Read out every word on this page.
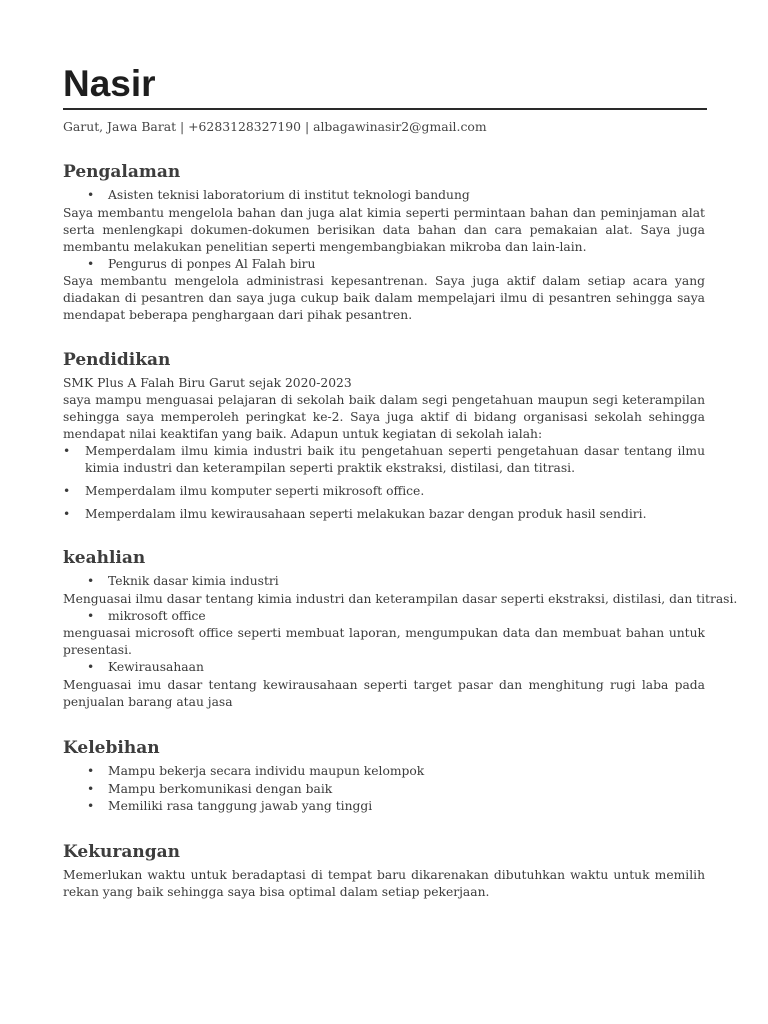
Nasir
Garut, Jawa Barat | +6283128327190 | albagawinasir2@gmail.com
Pengalaman
• Asisten teknisi laboratorium di institut teknologi bandung

Saya membantu mengelola bahan dan juga alat kimia seperti permintaan bahan dan peminjaman alat serta menlengkapi dokumen-dokumen berisikan data bahan dan cara pemakaian alat. Saya juga membantu melakukan penelitian seperti mengembangbiakan mikroba dan lain-lain.

• Pengurus di ponpes Al Falah biru

Saya membantu mengelola administrasi kepesantrenan. Saya juga aktif dalam setiap acara yang diadakan di pesantren dan saya juga cukup baik dalam mempelajari ilmu di pesantren sehingga saya mendapat beberapa penghargaan dari pihak pesantren.

Pendidikan

SMK Plus A Falah Biru Garut sejak 2020-2023

saya mampu menguasai pelajaran di sekolah baik dalam segi pengetahuan maupun segi keterampilan sehingga saya memperoleh peringkat ke-2. Saya juga aktif di bidang organisasi sekolah sehingga mendapat nilai keaktifan yang baik. Adapun untuk kegiatan di sekolah ialah:

• Memperdalam ilmu kimia industri baik itu pengetahuan seperti pengetahuan dasar tentang ilmu kimia industri dan keterampilan seperti praktik ekstraksi, distilasi, dan titrasi.
• Memperdalam ilmu komputer seperti mikrosoft office.
• Memperdalam ilmu kewirausahaan seperti melakukan bazar dengan produk hasil sendiri.
keahlian
• Teknik dasar kimia industri

Menguasai ilmu dasar tentang kimia industri dan keterampilan dasar seperti ekstraksi, distilasi, dan titrasi.

• mikrosoft office

menguasai microsoft office seperti membuat laporan, mengumpukan data dan membuat bahan untuk presentasi.

• Kewirausahaan

Menguasai imu dasar tentang kewirausahaan seperti target pasar dan menghitung rugi laba pada penjualan barang atau jasa

Kelebihan
• Mampu bekerja secara individu maupun kelompok
• Mampu berkomunikasi dengan baik
• Memiliki rasa tanggung jawab yang tinggi
Kekurangan

Memerlukan waktu untuk beradaptasi di tempat baru dikarenakan dibutuhkan waktu untuk memilih rekan yang baik sehingga saya bisa optimal dalam setiap pekerjaan.
